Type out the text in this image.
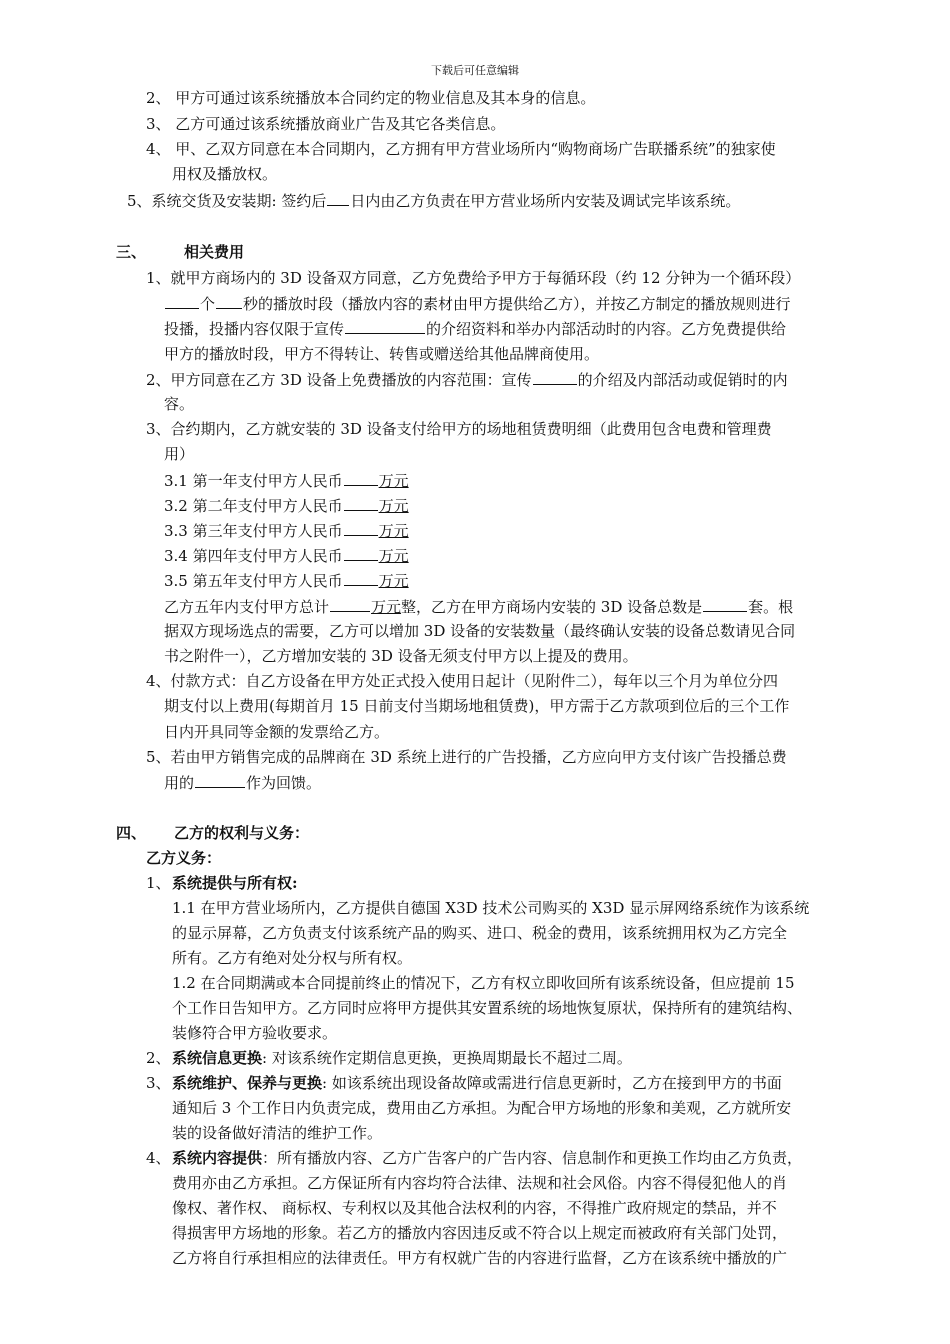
下载后可任意编辑
2、 甲方可通过该系统播放本合同约定的物业信息及其本身的信息。
3、 乙方可通过该系统播放商业广告及其它各类信息。
4、 甲、乙双方同意在本合同期内，乙方拥有甲方营业场所内“购物商场广告联播系统”的独家使
用权及播放权。
5、系统交货及安装期: 签约后 日内由乙方负责在甲方营业场所内安装及调试完毕该系统。
三、	相关费用
1、就甲方商场内的 3D 设备双方同意，乙方免费给予甲方于每循环段（约 12 分钟为一个循环段）
个 秒的播放时段（播放内容的素材由甲方提供给乙方），并按乙方制定的播放规则进行
投播，投播内容仅限于宣传	的介绍资料和举办内部活动时的内容。乙方免费提供给
甲方的播放时段，甲方不得转让、转售或赠送给其他品牌商使用。
2、甲方同意在乙方 3D 设备上免费播放的内容范围：宣传	的介绍及内部活动或促销时的内
容。
3、合约期内，乙方就安装的 3D 设备支付给甲方的场地租赁费明细（此费用包含电费和管理费
用）
3.1 第一年支付甲方人民币 万元
3.2 第二年支付甲方人民币 万元
3.3 第三年支付甲方人民币 万元
3.4 第四年支付甲方人民币 万元
3.5 第五年支付甲方人民币 万元
乙方五年内支付甲方总计	万元整，乙方在甲方商场内安装的 3D 设备总数是	套。根
据双方现场选点的需要，乙方可以增加 3D 设备的安装数量（最终确认安装的设备总数请见合同
书之附件一），乙方增加安装的 3D 设备无须支付甲方以上提及的费用。
4、付款方式：自乙方设备在甲方处正式投入使用日起计（见附件二），每年以三个月为单位分四
期支付以上费用(每期首月 15 日前支付当期场地租赁费)，甲方需于乙方款项到位后的三个工作
日内开具同等金额的发票给乙方。
5、若由甲方销售完成的品牌商在 3D 系统上进行的广告投播，乙方应向甲方支付该广告投播总费
用的	作为回馈。
四、 乙方的权利与义务：
乙方义务：
1、 系统提供与所有权:
1.1 在甲方营业场所内，乙方提供自德国 X3D 技术公司购买的 X3D 显示屏网络系统作为该系统
的显示屏幕，乙方负责支付该系统产品的购买、进口、税金的费用，该系统拥用权为乙方完全
所有。乙方有绝对处分权与所有权。
1.2 在合同期满或本合同提前终止的情况下，乙方有权立即收回所有该系统设备，但应提前 15
个工作日告知甲方。乙方同时应将甲方提供其安置系统的场地恢复原状，保持所有的建筑结构、
装修符合甲方验收要求。
2、 系统信息更换: 对该系统作定期信息更换，更换周期最长不超过二周。
3、 系统维护、保养与更换: 如该系统出现设备故障或需进行信息更新时，乙方在接到甲方的书面
通知后 3 个工作日内负责完成，费用由乙方承担。为配合甲方场地的形象和美观，乙方就所安
装的设备做好清洁的维护工作。
4、 系统内容提供：所有播放内容、乙方广告客户的广告内容、信息制作和更换工作均由乙方负责，
费用亦由乙方承担。乙方保证所有内容均符合法律、法规和社会风俗。内容不得侵犯他人的肖
像权、著作权、 商标权、专利权以及其他合法权利的内容，不得推广政府规定的禁品，并不
得损害甲方场地的形象。若乙方的播放内容因违反或不符合以上规定而被政府有关部门处罚，
乙方将自行承担相应的法律责任。甲方有权就广告的内容进行监督，乙方在该系统中播放的广
